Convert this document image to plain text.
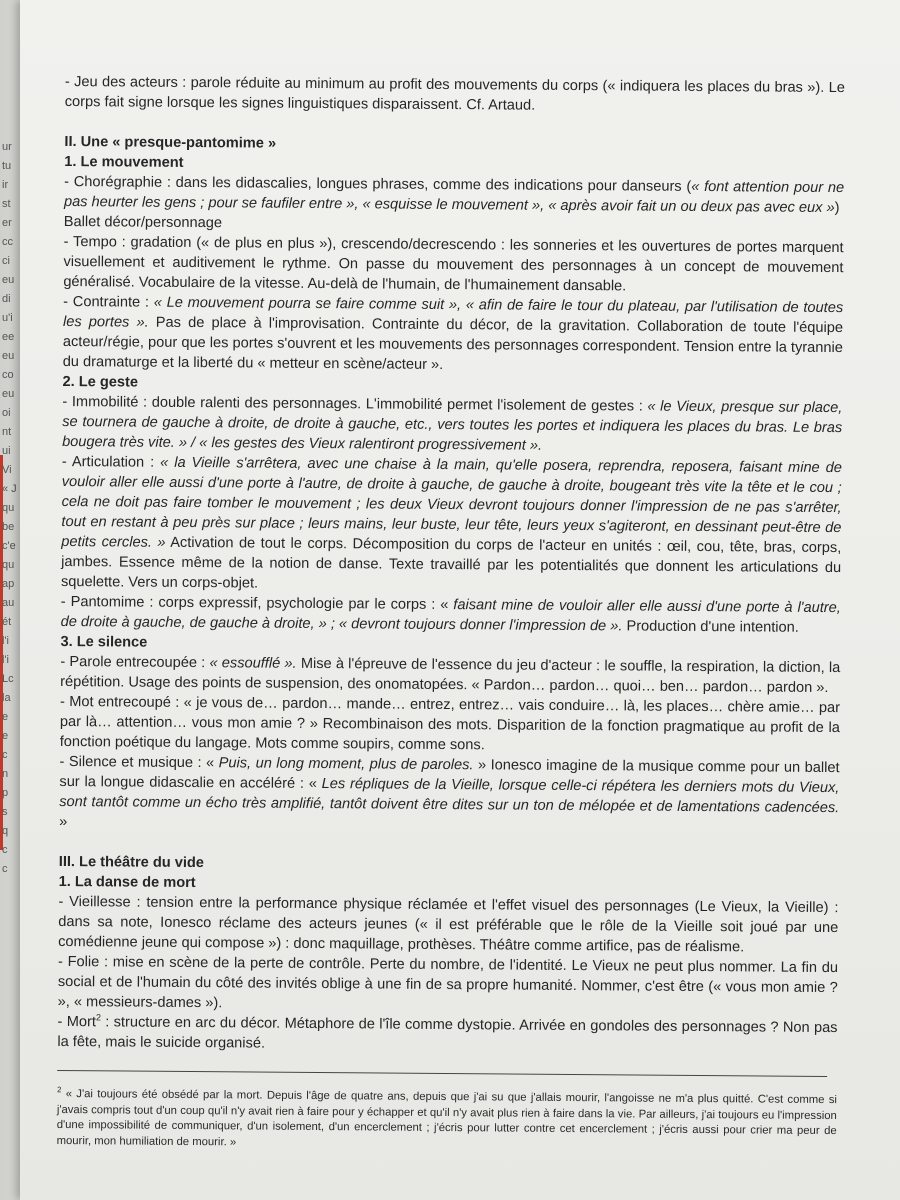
ur
tu
ir
st
er
cc
ci
eu
di
u'i
ee
eu
co
eu
oi
nt
ui
Vi
« J
qu
be
c'e
qu
ap
au
ét
l'i
l'i
Lc
la
e
e
c
n
p
s
q
c
c

- Jeu des acteurs : parole réduite au minimum au profit des mouvements du corps (« indiquera les places du bras »). Le corps fait signe lorsque les signes linguistiques disparaissent. Cf. Artaud.

II. Une « presque-pantomime »
1. Le mouvement

- Chorégraphie : dans les didascalies, longues phrases, comme des indications pour danseurs (« font attention pour ne pas heurter les gens ; pour se faufiler entre », « esquisse le mouvement », « après avoir fait un ou deux pas avec eux »)

Ballet décor/personnage

- Tempo : gradation (« de plus en plus »), crescendo/decrescendo : les sonneries et les ouvertures de portes marquent visuellement et auditivement le rythme. On passe du mouvement des personnages à un concept de mouvement généralisé. Vocabulaire de la vitesse. Au-delà de l'humain, de l'humainement dansable.

- Contrainte : « Le mouvement pourra se faire comme suit », « afin de faire le tour du plateau, par l'utilisation de toutes les portes ». Pas de place à l'improvisation. Contrainte du décor, de la gravitation. Collaboration de toute l'équipe acteur/régie, pour que les portes s'ouvrent et les mouvements des personnages correspondent. Tension entre la tyrannie du dramaturge et la liberté du « metteur en scène/acteur ».

2. Le geste

- Immobilité : double ralenti des personnages. L'immobilité permet l'isolement de gestes : « le Vieux, presque sur place, se tournera de gauche à droite, de droite à gauche, etc., vers toutes les portes et indiquera les places du bras. Le bras bougera très vite. » / « les gestes des Vieux ralentiront progressivement ».

- Articulation : « la Vieille s'arrêtera, avec une chaise à la main, qu'elle posera, reprendra, reposera, faisant mine de vouloir aller elle aussi d'une porte à l'autre, de droite à gauche, de gauche à droite, bougeant très vite la tête et le cou ; cela ne doit pas faire tomber le mouvement ; les deux Vieux devront toujours donner l'impression de ne pas s'arrêter, tout en restant à peu près sur place ; leurs mains, leur buste, leur tête, leurs yeux s'agiteront, en dessinant peut-être de petits cercles. » Activation de tout le corps. Décomposition du corps de l'acteur en unités : œil, cou, tête, bras, corps, jambes. Essence même de la notion de danse. Texte travaillé par les potentialités que donnent les articulations du squelette. Vers un corps-objet.

- Pantomime : corps expressif, psychologie par le corps : « faisant mine de vouloir aller elle aussi d'une porte à l'autre, de droite à gauche, de gauche à droite, » ; « devront toujours donner l'impression de ». Production d'une intention.

3. Le silence

- Parole entrecoupée : « essoufflé ». Mise à l'épreuve de l'essence du jeu d'acteur : le souffle, la respiration, la diction, la répétition. Usage des points de suspension, des onomatopées. « Pardon… pardon… quoi… ben… pardon… pardon ».

- Mot entrecoupé : « je vous de… pardon… mande… entrez, entrez… vais conduire… là, les places… chère amie… par par là… attention… vous mon amie ? » Recombinaison des mots. Disparition de la fonction pragmatique au profit de la fonction poétique du langage. Mots comme soupirs, comme sons.

- Silence et musique : « Puis, un long moment, plus de paroles. » Ionesco imagine de la musique comme pour un ballet sur la longue didascalie en accéléré : « Les répliques de la Vieille, lorsque celle-ci répétera les derniers mots du Vieux, sont tantôt comme un écho très amplifié, tantôt doivent être dites sur un ton de mélopée et de lamentations cadencées. »

III. Le théâtre du vide
1. La danse de mort

- Vieillesse : tension entre la performance physique réclamée et l'effet visuel des personnages (Le Vieux, la Vieille) : dans sa note, Ionesco réclame des acteurs jeunes (« il est préférable que le rôle de la Vieille soit joué par une comédienne jeune qui compose ») : donc maquillage, prothèses. Théâtre comme artifice, pas de réalisme.

- Folie : mise en scène de la perte de contrôle. Perte du nombre, de l'identité. Le Vieux ne peut plus nommer. La fin du social et de l'humain du côté des invités oblige à une fin de sa propre humanité. Nommer, c'est être (« vous mon amie ? », « messieurs-dames »).

- Mort$^2$ : structure en arc du décor. Métaphore de l'île comme dystopie. Arrivée en gondoles des personnages ? Non pas la fête, mais le suicide organisé.

$^2$ « J'ai toujours été obsédé par la mort. Depuis l'âge de quatre ans, depuis que j'ai su que j'allais mourir, l'angoisse ne m'a plus quitté. C'est comme si j'avais compris tout d'un coup qu'il n'y avait rien à faire pour y échapper et qu'il n'y avait plus rien à faire dans la vie. Par ailleurs, j'ai toujours eu l'impression d'une impossibilité de communiquer, d'un isolement, d'un encerclement ; j'écris pour lutter contre cet encerclement ; j'écris aussi pour crier ma peur de mourir, mon humiliation de mourir. »
